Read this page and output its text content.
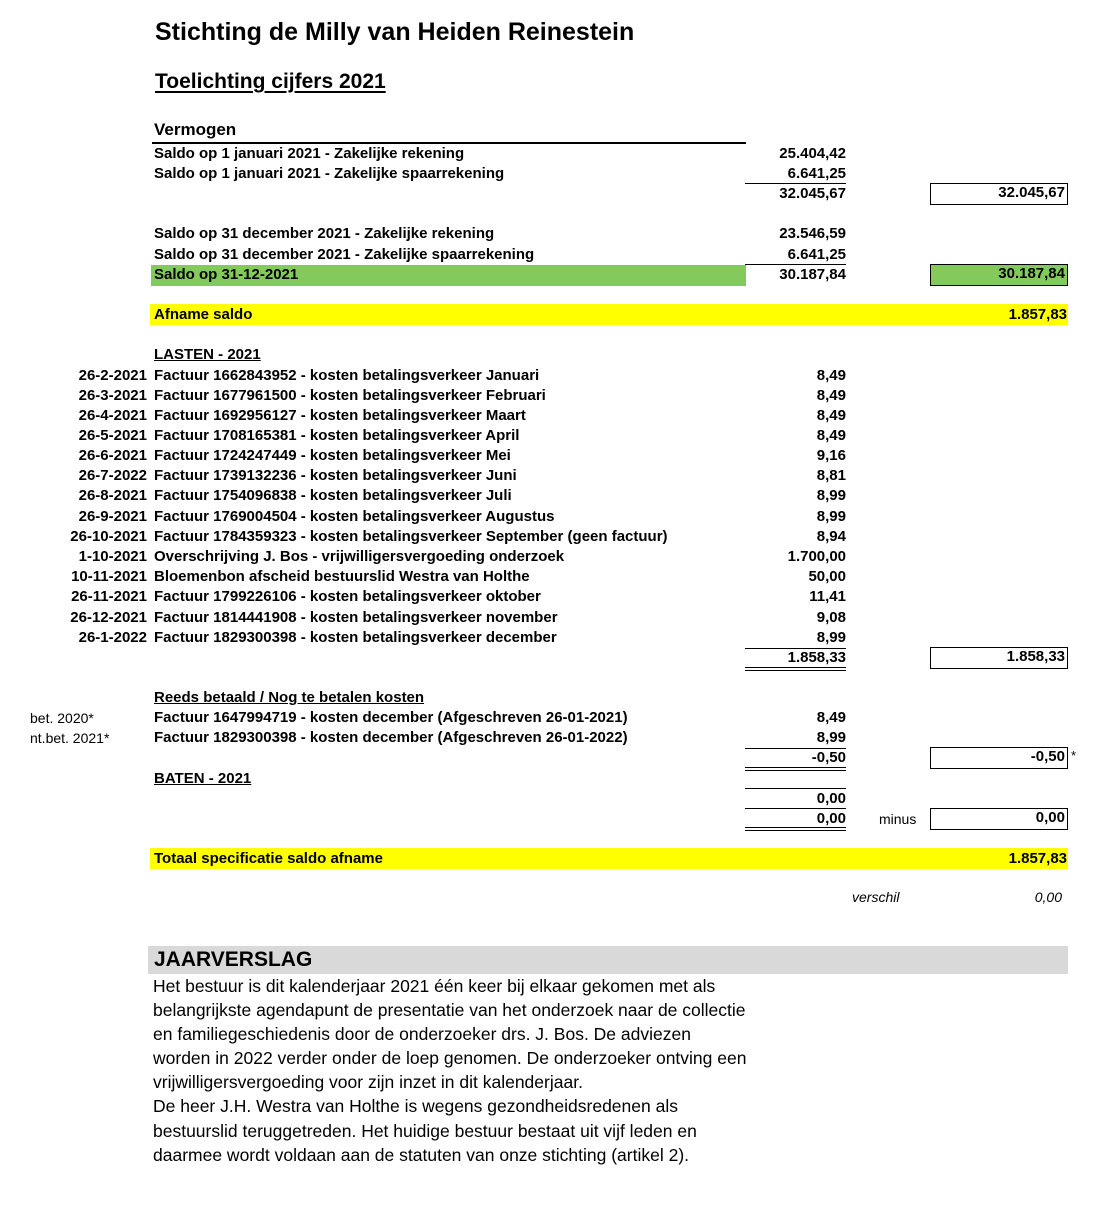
Stichting de Milly van Heiden Reinestein
Toelichting cijfers 2021
Vermogen
Saldo op 1 januari 2021 - Zakelijke rekening	25.404,42
Saldo op 1 januari 2021 - Zakelijke spaarrekening	6.641,25
32.045,67	32.045,67
Saldo op 31 december 2021 - Zakelijke rekening	23.546,59
Saldo op 31 december 2021 - Zakelijke spaarrekening	6.641,25
Saldo op 31-12-2021	30.187,84	30.187,84
Afname saldo	1.857,83
LASTEN - 2021
26-2-2021 Factuur 1662843952 - kosten betalingsverkeer Januari	8,49
26-3-2021 Factuur 1677961500 - kosten betalingsverkeer Februari	8,49
26-4-2021 Factuur 1692956127 - kosten betalingsverkeer Maart	8,49
26-5-2021 Factuur 1708165381 - kosten betalingsverkeer April	8,49
26-6-2021 Factuur 1724247449 - kosten betalingsverkeer Mei	9,16
26-7-2022 Factuur 1739132236 - kosten betalingsverkeer Juni	8,81
26-8-2021 Factuur 1754096838 - kosten betalingsverkeer Juli	8,99
26-9-2021 Factuur 1769004504 - kosten betalingsverkeer Augustus	8,99
26-10-2021 Factuur 1784359323 - kosten betalingsverkeer September (geen factuur)	8,94
1-10-2021 Overschrijving J. Bos - vrijwilligersvergoeding onderzoek	1.700,00
10-11-2021 Bloemenbon afscheid bestuurslid Westra van Holthe	50,00
26-11-2021 Factuur 1799226106 - kosten betalingsverkeer oktober	11,41
26-12-2021 Factuur 1814441908 - kosten betalingsverkeer november	9,08
26-1-2022 Factuur 1829300398 - kosten betalingsverkeer december	8,99
1.858,33	1.858,33
Reeds betaald / Nog te betalen kosten
bet. 2020*	Factuur 1647994719 - kosten december (Afgeschreven 26-01-2021)	8,49
nt.bet. 2021*	Factuur 1829300398 - kosten december (Afgeschreven 26-01-2022)	8,99
-0,50	-0,50 *
BATEN - 2021
0,00
0,00 minus	0,00
Totaal specificatie saldo afname	1.857,83
verschil	0,00
JAARVERSLAG

Het bestuur is dit kalenderjaar 2021 één keer bij elkaar gekomen met als belangrijkste agendapunt de presentatie van het onderzoek naar de collectie en familiegeschiedenis door de onderzoeker drs. J. Bos. De adviezen worden in 2022 verder onder de loep genomen. De onderzoeker ontving een vrijwilligersvergoeding voor zijn inzet in dit kalenderjaar.

De heer J.H. Westra van Holthe is wegens gezondheidsredenen als bestuurslid teruggetreden. Het huidige bestuur bestaat uit vijf leden en daarmee wordt voldaan aan de statuten van onze stichting (artikel 2).
